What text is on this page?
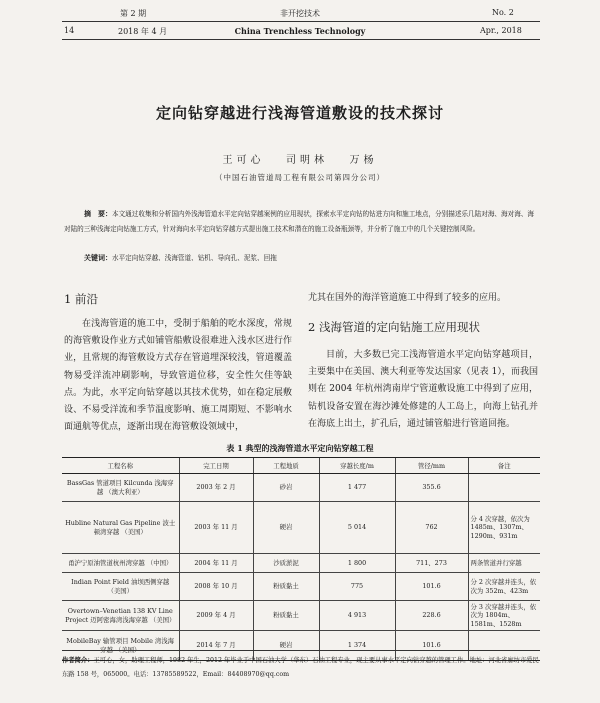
第 2 期	非开挖技术	No. 2
14	2018 年 4 月	China Trenchless Technology	Apr., 2018
定向钻穿越进行浅海管道敷设的技术探讨
王可心 司明林 万杨
（中国石油管道局工程有限公司第四分公司）
摘　要：本文通过收集和分析国内外浅海管道水平定向钻穿越案例的应用现状，探索水平定向钻的钻进方向和施工地点，分别描述乐几陆对海、海对海、海对陆的三种浅海定向钻施工方式，针对海向水平定向钻穿越方式提出施工技术和潜在的施工设备瓶颈等，并分析了施工中的几个关键控制风险。
关键词：水平定向钻穿越、浅海管道、钻机、导向孔、泥浆、回拖
1 前沿
在浅海管道的施工中，受制于船舶的吃水深度，常规的海管敷设作业方式如铺管船敷设很难进入浅水区进行作业，且常规的海管敷设方式存在管道埋深较浅，管道覆盖物易受洋流冲刷影响，导致管道位移，安全性欠佳等缺点。为此，水平定向钻穿越以其技术优势，如在稳定展敷设、不易受洋流和季节温度影响、施工周期短、不影响水面通航等优点，逐渐出现在海管敷设领域中，
尤其在国外的海洋管道施工中得到了较多的应用。
2 浅海管道的定向钻施工应用现状
目前，大多数已完工浅海管道水平定向钻穿越项目，主要集中在美国、澳大利亚等发达国家（见表 1），而我国则在 2004 年杭州湾南岸宁管道敷设施工中得到了应用，钻机设备安置在海沙滩处修建的人工岛上，向海上钻孔并在海底上出土，扩孔后，通过铺管船进行管道回拖。
表 1 典型的浅海管道水平定向钻穿越工程
工程名称	完工日期	工程地质	穿越长度/m	管径/mm	备注
BassGas 管道项目 Kilcunda 浅海穿越 （澳大利亚）	2003 年 2 月	砂岩	1 477	355.6	
Hubline Natural Gas Pipeline 波士顿湾穿越 （美国）	2003 年 11 月	硬岩	5 014	762	分 4 次穿越，依次为 1485m、1307m、1290m、931m
甬沪宁原油管道杭州湾穿越 （中国）	2004 年 11 月	沙质淤泥	1 800	711、273	两条管道并行穿越
Indian Point Field 油坝西侧穿越 （美国）	2008 年 10 月	粉质黏土	775	101.6	分 2 次穿越并连头，依次为 352m、423m
Overtown–Venetian 138 KV Line Project 迈阿密海湾浅海穿越 （美国）	2009 年 4 月	粉质黏土	4 913	228.6	分 3 次穿越并连头，依次为 1804m、1581m、1528m
MobileBay 输管项目 Mobile 湾浅海穿越 （美国）	2014 年 7 月	硬岩	1 374	101.6	
作者简介：王可心，女，助理工程师，1982 年生，2012 年毕业于中国石油大学（华东）石油工程专业，现主要从事水平定向钻穿越的管理工作。地址：河北省廊坊市爱民东路 158 号，065000。电话：13785589522，Email：84408970@qq.com
